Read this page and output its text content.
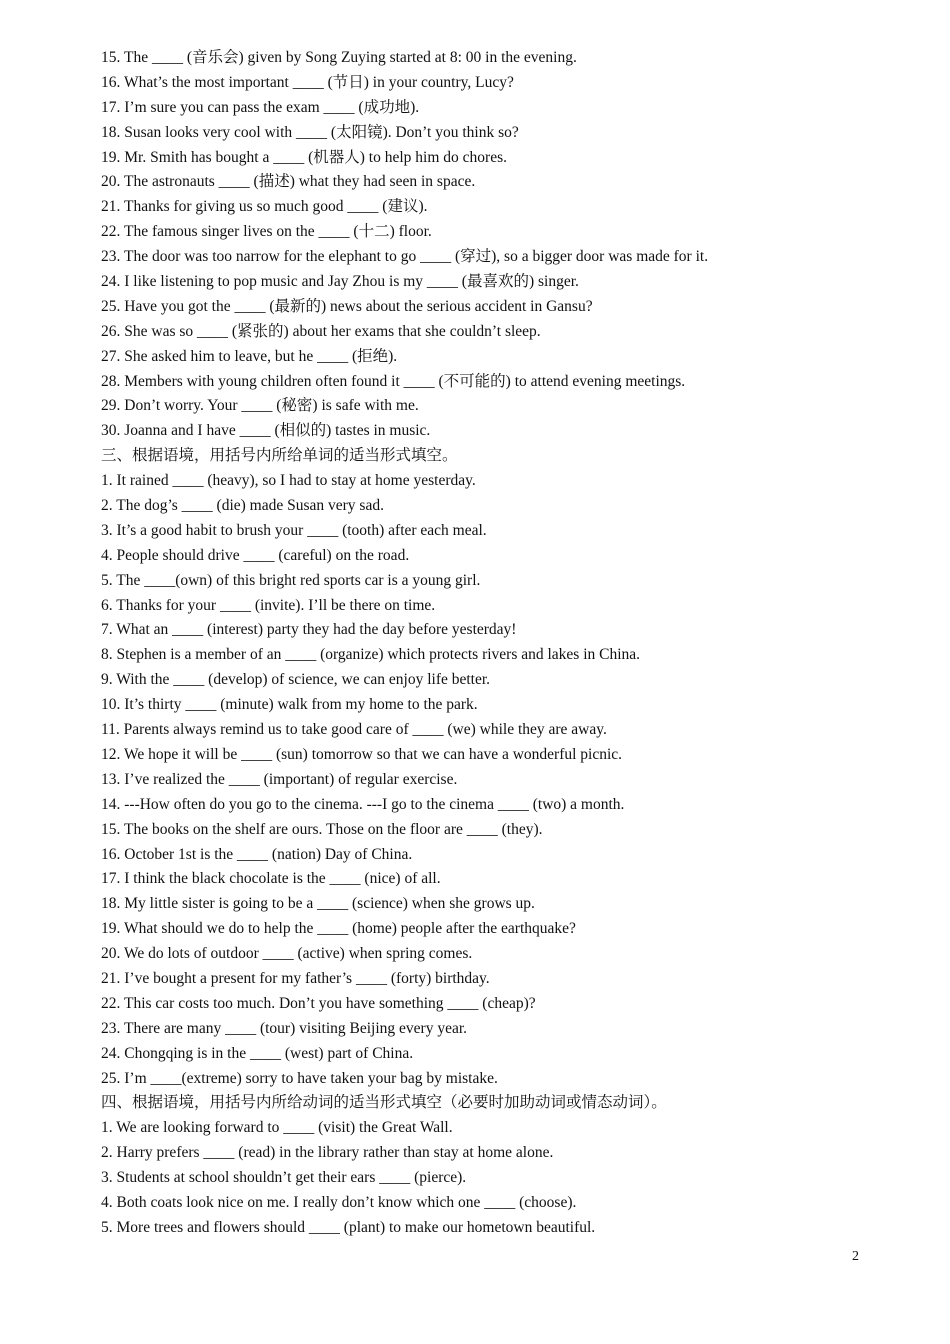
15. The ____ (音乐会) given by Song Zuying started at 8: 00 in the evening.
16. What’s the most important ____ (节日) in your country, Lucy?
17. I’m sure you can pass the exam ____ (成功地).
18. Susan looks very cool with ____ (太阳镜). Don’t you think so?
19. Mr. Smith has bought a ____ (机器人) to help him do chores.
20. The astronauts ____ (描述) what they had seen in space.
21. Thanks for giving us so much good ____ (建议).
22. The famous singer lives on the ____ (十二) floor.
23. The door was too narrow for the elephant to go ____ (穿过), so a bigger door was made for it.
24. I like listening to pop music and Jay Zhou is my ____ (最喜欢的) singer.
25. Have you got the ____ (最新的) news about the serious accident in Gansu?
26. She was so ____ (紧张的) about her exams that she couldn’t sleep.
27. She asked him to leave, but he ____ (拒绝).
28. Members with young children often found it ____ (不可能的) to attend evening meetings.
29. Don’t worry. Your ____ (秘密) is safe with me.
30. Joanna and I have ____ (相似的) tastes in music.
三、根据语境，用括号内所给单词的适当形式填空。
1. It rained ____ (heavy), so I had to stay at home yesterday.
2. The dog’s ____ (die) made Susan very sad.
3. It’s a good habit to brush your ____ (tooth) after each meal.
4. People should drive ____ (careful) on the road.
5. The ____(own) of this bright red sports car is a young girl.
6. Thanks for your ____ (invite). I’ll be there on time.
7. What an ____ (interest) party they had the day before yesterday!
8. Stephen is a member of an ____ (organize) which protects rivers and lakes in China.
9. With the ____ (develop) of science, we can enjoy life better.
10. It’s thirty ____ (minute) walk from my home to the park.
11. Parents always remind us to take good care of ____ (we) while they are away.
12. We hope it will be ____ (sun) tomorrow so that we can have a wonderful picnic.
13. I’ve realized the ____ (important) of regular exercise.
14. ---How often do you go to the cinema. ---I go to the cinema ____ (two) a month.
15. The books on the shelf are ours. Those on the floor are ____ (they).
16. October 1st is the ____ (nation) Day of China.
17. I think the black chocolate is the ____ (nice) of all.
18. My little sister is going to be a ____ (science) when she grows up.
19. What should we do to help the ____ (home) people after the earthquake?
20. We do lots of outdoor ____ (active) when spring comes.
21. I’ve bought a present for my father’s ____ (forty) birthday.
22. This car costs too much. Don’t you have something ____ (cheap)?
23. There are many ____ (tour) visiting Beijing every year.
24. Chongqing is in the ____ (west) part of China.
25. I’m ____(extreme) sorry to have taken your bag by mistake.
四、根据语境，用括号内所给动词的适当形式填空（必要时加助动词或情态动词）。
1. We are looking forward to ____ (visit) the Great Wall.
2. Harry prefers ____ (read) in the library rather than stay at home alone.
3. Students at school shouldn’t get their ears ____ (pierce).
4. Both coats look nice on me. I really don’t know which one ____ (choose).
5. More trees and flowers should ____ (plant) to make our hometown beautiful.
2
